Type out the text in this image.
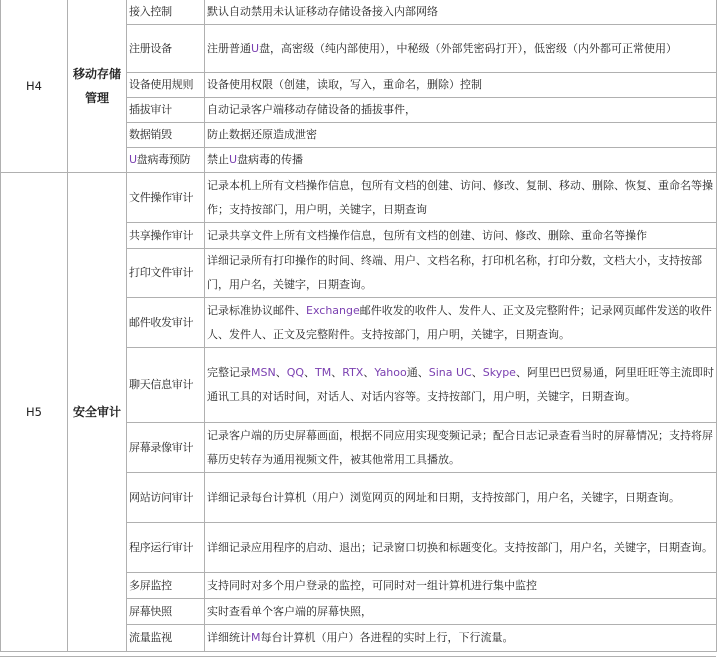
H4	移动存储管理	接入控制	默认自动禁用未认证移动存储设备接入内部网络
		注册设备	注册普通U盘，高密级（纯内部使用），中秘级（外部凭密码打开），低密级（内外都可正常使用）
		设备使用规则	设备使用权限（创建，读取，写入，重命名，删除）控制
		插拔审计	自动记录客户端移动存储设备的插拔事件，
		数据销毁	防止数据还原造成泄密
		U盘病毒预防	禁止U盘病毒的传播
H5	安全审计	文件操作审计	记录本机上所有文档操作信息，包所有文档的创建、访问、修改、复制、移动、删除、恢复、重命名等操作；支持按部门，用户明，关键字，日期查询
		共享操作审计	记录共享文件上所有文档操作信息，包所有文档的创建、访问、修改、删除、重命名等操作
		打印文件审计	详细记录所有打印操作的时间、终端、用户、文档名称，打印机名称，打印分数，文档大小，支持按部门，用户名，关键字，日期查询。
		邮件收发审计	记录标准协议邮件、Exchange邮件收发的收件人、发件人、正文及完整附件；记录网页邮件发送的收件人、发件人、正文及完整附件。支持按部门，用户明，关键字，日期查询。
		聊天信息审计	完整记录MSN、QQ、TM、RTX、Yahoo通、Sina UC、Skype、阿里巴巴贸易通，阿里旺旺等主流即时通讯工具的对话时间，对话人、对话内容等。支持按部门，用户明，关键字，日期查询。
		屏幕录像审计	记录客户端的历史屏幕画面，根据不同应用实现变频记录；配合日志记录查看当时的屏幕情况；支持将屏幕历史转存为通用视频文件，被其他常用工具播放。
		网站访问审计	详细记录每台计算机（用户）浏览网页的网址和日期，支持按部门，用户名，关键字，日期查询。
		程序运行审计	详细记录应用程序的启动、退出；记录窗口切换和标题变化。支持按部门，用户名，关键字，日期查询。
		多屏监控	支持同时对多个用户登录的监控，可同时对一组计算机进行集中监控
		屏幕快照	实时查看单个客户端的屏幕快照，
		流量监视	详细统计M每台计算机（用户）各进程的实时上行，下行流量。
